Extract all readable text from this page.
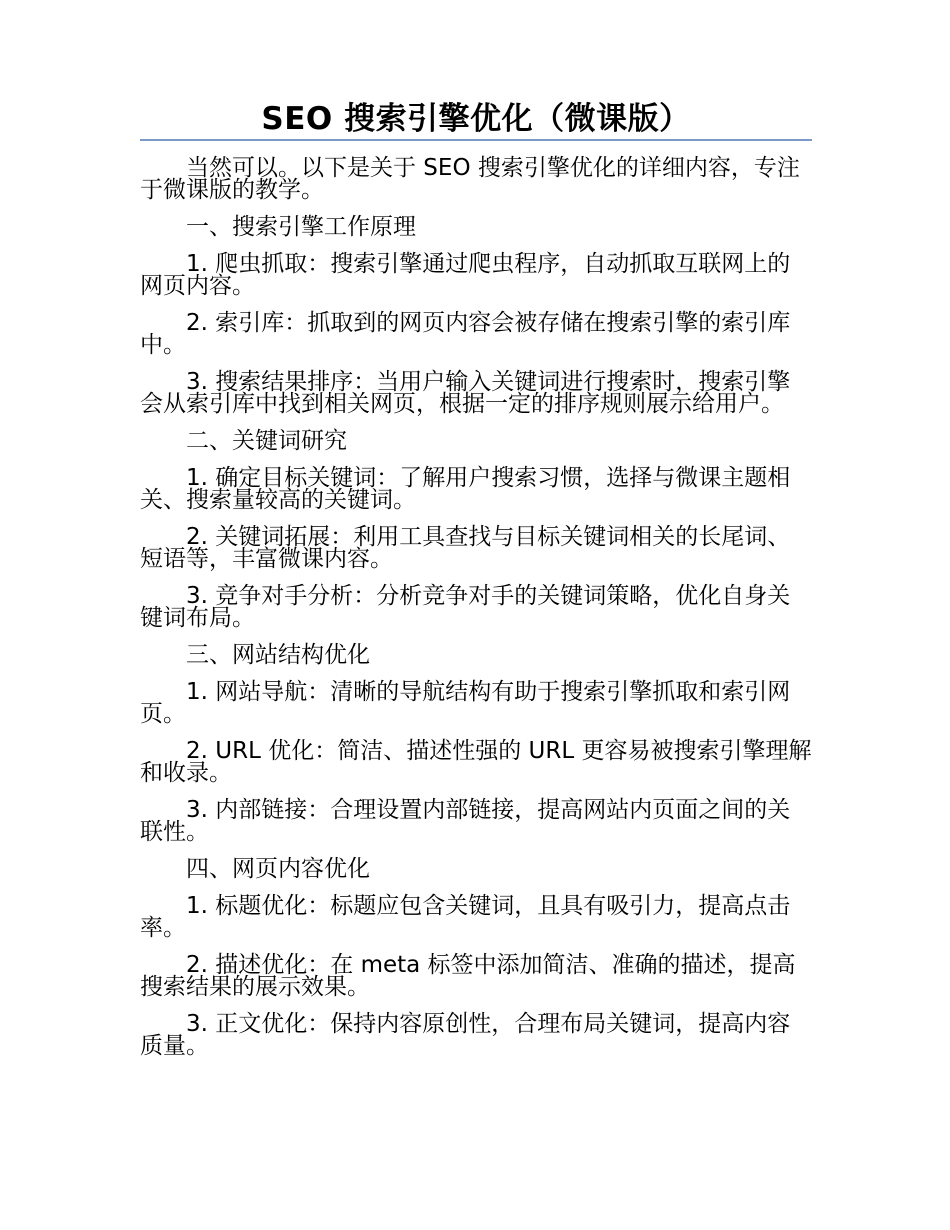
SEO 搜索引擎优化（微课版）

当然可以。以下是关于 SEO 搜索引擎优化的详细内容，专注于微课版的教学。

一、搜索引擎工作原理

1. 爬虫抓取：搜索引擎通过爬虫程序，自动抓取互联网上的网页内容。

2. 索引库：抓取到的网页内容会被存储在搜索引擎的索引库中。

3. 搜索结果排序：当用户输入关键词进行搜索时，搜索引擎会从索引库中找到相关网页，根据一定的排序规则展示给用户。

二、关键词研究

1. 确定目标关键词：了解用户搜索习惯，选择与微课主题相关、搜索量较高的关键词。

2. 关键词拓展：利用工具查找与目标关键词相关的长尾词、短语等，丰富微课内容。

3. 竞争对手分析：分析竞争对手的关键词策略，优化自身关键词布局。

三、网站结构优化

1. 网站导航：清晰的导航结构有助于搜索引擎抓取和索引网页。

2. URL 优化：简洁、描述性强的 URL 更容易被搜索引擎理解和收录。

3. 内部链接：合理设置内部链接，提高网站内页面之间的关联性。

四、网页内容优化

1. 标题优化：标题应包含关键词，且具有吸引力，提高点击率。

2. 描述优化：在 meta 标签中添加简洁、准确的描述，提高搜索结果的展示效果。

3. 正文优化：保持内容原创性，合理布局关键词，提高内容质量。
